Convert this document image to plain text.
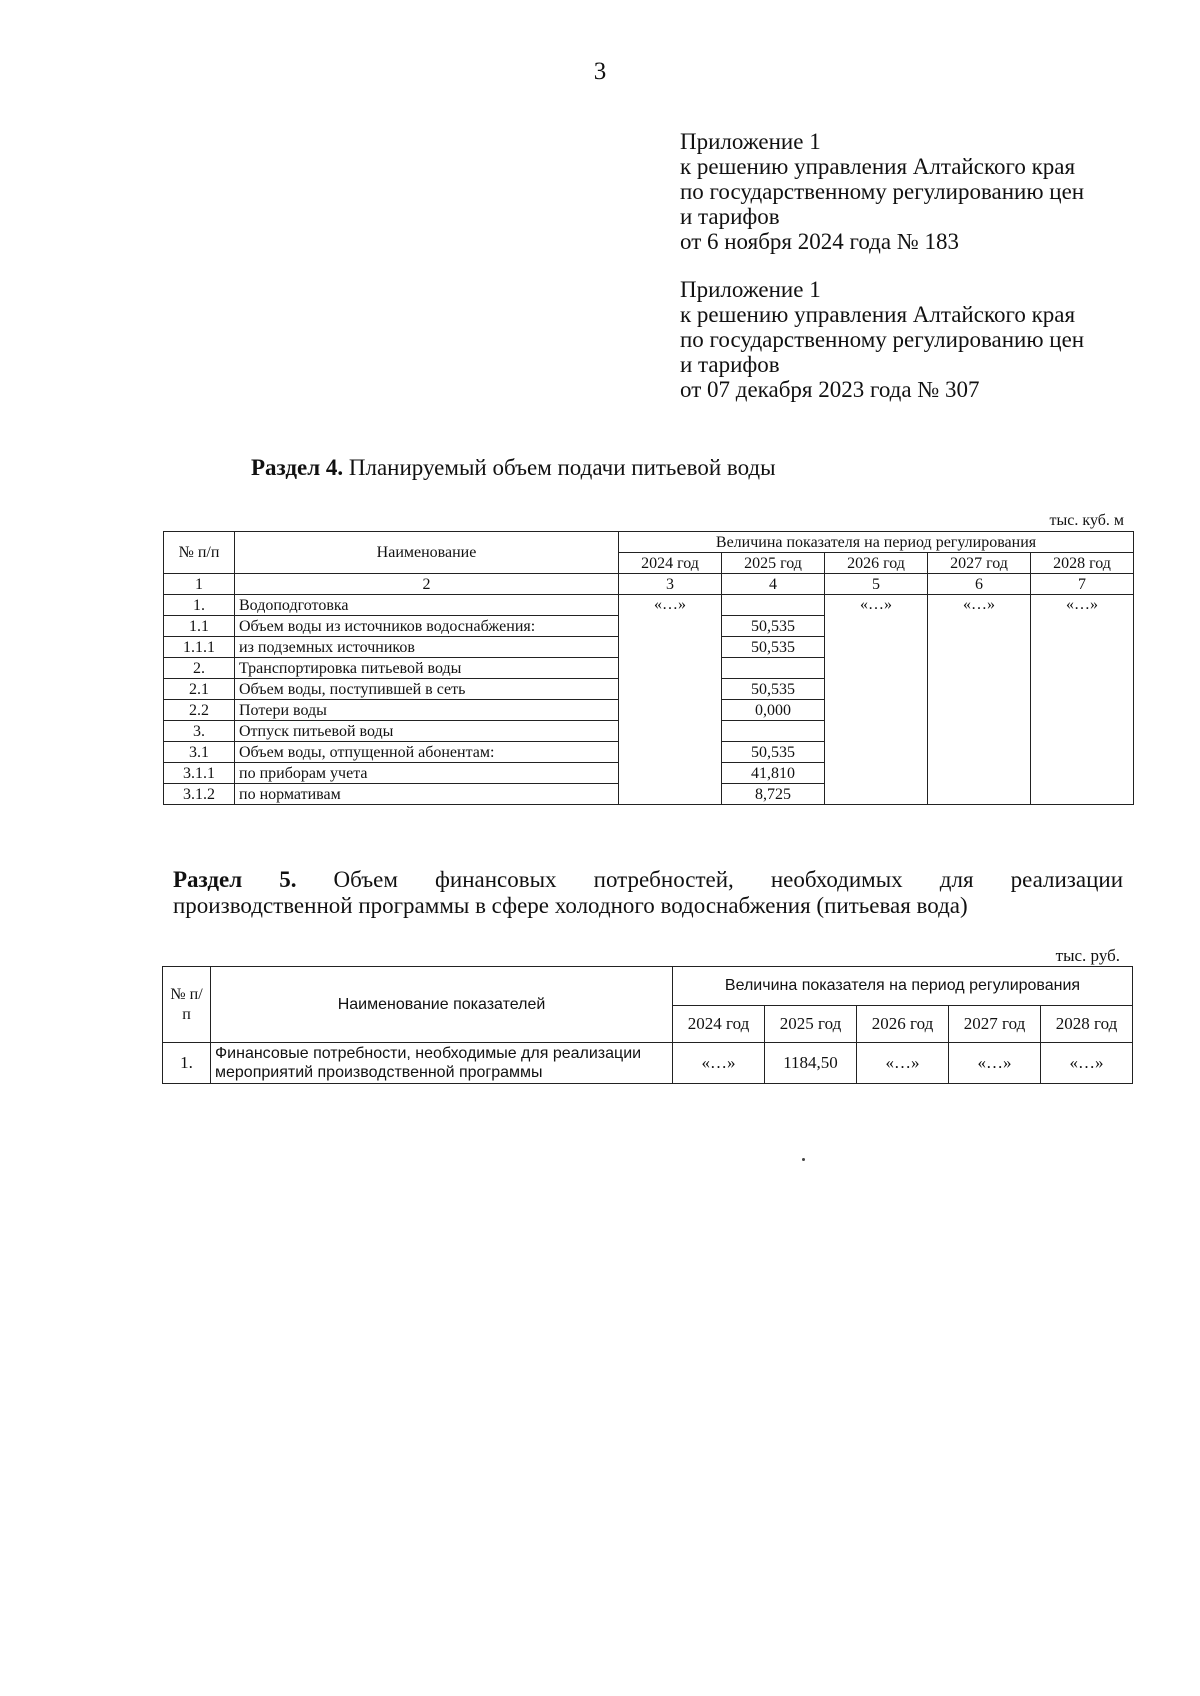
3
Приложение 1
к решению управления Алтайского края
по государственному регулированию цен
и тарифов
от 6 ноября 2024 года № 183
Приложение 1
к решению управления Алтайского края
по государственному регулированию цен
и тарифов
от 07 декабря 2023 года № 307
Раздел 4. Планируемый объем подачи питьевой воды
тыс. куб. м
№ п/п	Наименование	Величина показателя на период регулирования				
		2024 год	2025 год	2026 год	2027 год	2028 год
1	2	3	4	5	6	7
1.	Водоподготовка	«…»		«…»	«…»	«…»
1.1	Объем воды из источников водоснабжения:		50,535			
1.1.1	из подземных источников		50,535			
2.	Транспортировка питьевой воды					
2.1	Объем воды, поступившей в сеть		50,535			
2.2	Потери воды		0,000			
3.	Отпуск питьевой воды					
3.1	Объем воды, отпущенной абонентам:		50,535			
3.1.1	по приборам учета		41,810			
3.1.2	по нормативам		8,725			
Раздел 5. Объем финансовых потребностей, необходимых для реализации
производственной программы в сфере холодного водоснабжения (питьевая вода)
тыс. руб.
№ п/п	Наименование показателей	Величина показателя на период регулирования				
		2024 год	2025 год	2026 год	2027 год	2028 год
1.	Финансовые потребности, необходимые для реализации мероприятий производственной программы	«…»	1184,50	«…»	«…»	«…»
